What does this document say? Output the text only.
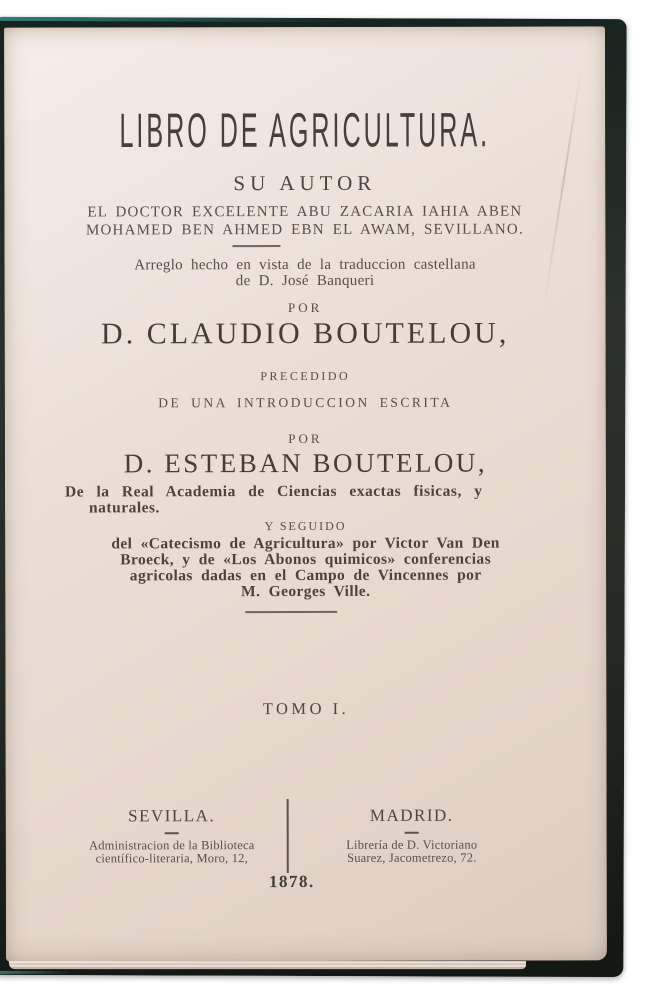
LIBRO DE AGRICULTURA.
SU AUTOR
EL DOCTOR EXCELENTE ABU ZACARIA IAHIA ABEN
MOHAMED BEN AHMED EBN EL AWAM, SEVILLANO.
Arreglo hecho en vista de la traduccion castellana
de D. José Banqueri
POR
D. CLAUDIO BOUTELOU,
PRECEDIDO
DE UNA INTRODUCCION ESCRITA
POR
D. ESTEBAN BOUTELOU,
De la Real Academia de Ciencias exactas fisicas, y
naturales.
Y SEGUIDO
del «Catecismo de Agricultura» por Victor Van Den
Broeck, y de «Los Abonos quimicos» conferencias
agricolas dadas en el Campo de Vincennes por
M. Georges Ville.
TOMO I.
SEVILLA.
Administracion de la Biblioteca
científico-literaria, Moro, 12,
MADRID.
Librería de D. Victoriano
Suarez, Jacometrezo, 72.
1878.
